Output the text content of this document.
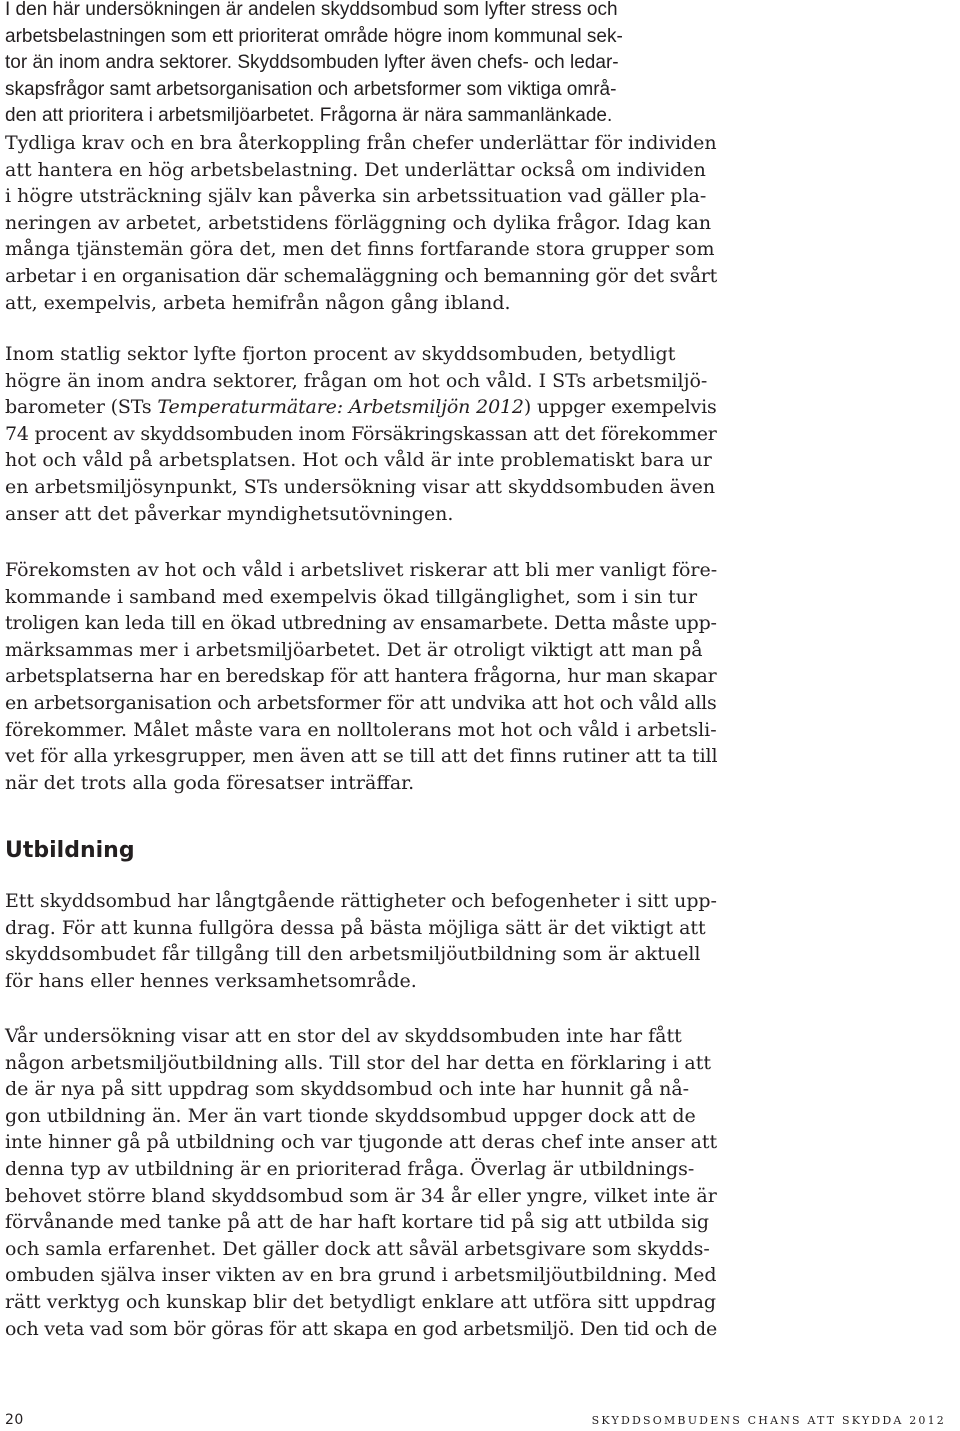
I den här undersökningen är andelen skyddsombud som lyfter stress och
arbetsbelastningen som ett prioriterat område högre inom kommunal sek-
tor än inom andra sektorer. Skyddsombuden lyfter även chefs- och ledar-
skapsfrågor samt arbetsorganisation och arbetsformer som viktiga områ-
den att prioritera i arbetsmiljöarbetet. Frågorna är nära sammanlänkade.
Tydliga krav och en bra återkoppling från chefer underlättar för individen
att hantera en hög arbetsbelastning. Det underlättar också om individen
i högre utsträckning själv kan påverka sin arbetssituation vad gäller pla-
neringen av arbetet, arbetstidens förläggning och dylika frågor. Idag kan
många tjänstemän göra det, men det finns fortfarande stora grupper som
arbetar i en organisation där schemaläggning och bemanning gör det svårt
att, exempelvis, arbeta hemifrån någon gång ibland.
Inom statlig sektor lyfte fjorton procent av skyddsombuden, betydligt
högre än inom andra sektorer, frågan om hot och våld. I STs arbetsmiljö-
barometer (STs Temperaturmätare: Arbetsmiljön 2012) uppger exempelvis
74 procent av skyddsombuden inom Försäkringskassan att det förekommer
hot och våld på arbetsplatsen. Hot och våld är inte problematiskt bara ur
en arbetsmiljösynpunkt, STs undersökning visar att skyddsombuden även
anser att det påverkar myndighetsutövningen.
Förekomsten av hot och våld i arbetslivet riskerar att bli mer vanligt före-
kommande i samband med exempelvis ökad tillgänglighet, som i sin tur
troligen kan leda till en ökad utbredning av ensamarbete. Detta måste upp-
märksammas mer i arbetsmiljöarbetet. Det är otroligt viktigt att man på
arbetsplatserna har en beredskap för att hantera frågorna, hur man skapar
en arbetsorganisation och arbetsformer för att undvika att hot och våld alls
förekommer. Målet måste vara en nolltolerans mot hot och våld i arbetsli-
vet för alla yrkesgrupper, men även att se till att det finns rutiner att ta till
när det trots alla goda föresatser inträffar.
Utbildning
Ett skyddsombud har långtgående rättigheter och befogenheter i sitt upp-
drag. För att kunna fullgöra dessa på bästa möjliga sätt är det viktigt att
skyddsombudet får tillgång till den arbetsmiljöutbildning som är aktuell
för hans eller hennes verksamhetsområde.
Vår undersökning visar att en stor del av skyddsombuden inte har fått
någon arbetsmiljöutbildning alls. Till stor del har detta en förklaring i att
de är nya på sitt uppdrag som skyddsombud och inte har hunnit gå nå-
gon utbildning än. Mer än vart tionde skyddsombud uppger dock att de
inte hinner gå på utbildning och var tjugonde att deras chef inte anser att
denna typ av utbildning är en prioriterad fråga. Överlag är utbildnings-
behovet större bland skyddsombud som är 34 år eller yngre, vilket inte är
förvånande med tanke på att de har haft kortare tid på sig att utbilda sig
och samla erfarenhet. Det gäller dock att såväl arbetsgivare som skydds-
ombuden själva inser vikten av en bra grund i arbetsmiljöutbildning. Med
rätt verktyg och kunskap blir det betydligt enklare att utföra sitt uppdrag
och veta vad som bör göras för att skapa en god arbetsmiljö. Den tid och de
20	SKYDDSOMBUDENS CHANS ATT SKYDDA 2012
